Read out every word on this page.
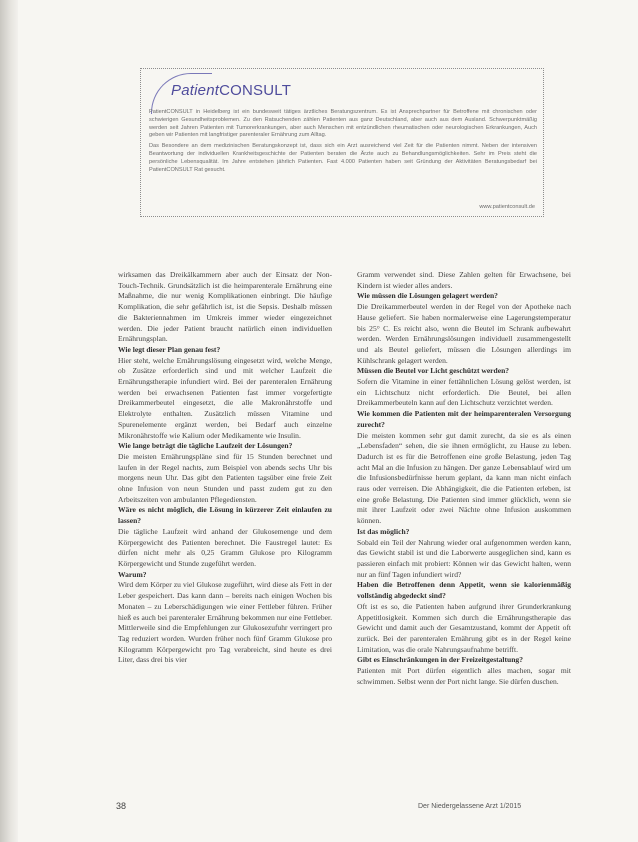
PatientCONSULT

PatientCONSULT in Heidelberg ist ein bundesweit tätiges ärztliches Beratungszentrum. Es ist Ansprechpartner für Betroffene mit chronischen oder schwierigen Gesundheitsproblemen. Zu den Ratsuchenden zählen Patienten aus ganz Deutschland, aber auch aus dem Ausland. Schwerpunktmäßig werden seit Jahren Patienten mit Tumorerkrankungen, aber auch Menschen mit entzündlichen rheumatischen oder neurologischen Erkrankungen, Auch geben wir Patienten mit langfristiger parenteraler Ernährung zum Alltag.

Das Besondere an dem medizinischen Beratungskonzept ist, dass sich ein Arzt ausreichend viel Zeit für die Patienten nimmt. Neben der intensiven Beantwortung der individuellen Krankheitsgeschichte der Patienten beraten die Ärzte auch zu Behandlungsmöglichkeiten. Sehr im Preis steht die persönliche Lebensqualität. Im Jahre entstehen jährlich Patienten. Fast 4.000 Patienten haben seit Gründung der Aktivitäten Beratungsbedarf bei PatientCONSULT Rat gesucht.

www.patientconsult.de

wirksamen das Dreikälkammern aber auch der Einsatz der Non-Touch-Technik. Grundsätzlich ist die heimparenterale Ernährung eine Maßnahme, die nur wenig Komplikationen einbringt. Die häufige Komplikation, die sehr gefährlich ist, ist die Sepsis. Deshalb müssen die Bakteriennahmen im Umkreis immer wieder eingezeichnet werden. Die jeder Patient braucht natürlich einen individuellen Ernährungsplan.

Wie legt dieser Plan genau fest?

Hier steht, welche Ernährungslösung eingesetzt wird, welche Menge, ob Zusätze erforderlich sind und mit welcher Laufzeit die Ernährungstherapie infundiert wird. Bei der parenteralen Ernährung werden bei erwachsenen Patienten fast immer vorgefertigte Dreikammerbeutel eingesetzt, die alle Makronährstoffe und Elektrolyte enthalten. Zusätzlich müssen Vitamine und Spurenelemente ergänzt werden, bei Bedarf auch einzelne Mikronährstoffe wie Kalium oder Medikamente wie Insulin.

Wie lange beträgt die tägliche Laufzeit der Lösungen?

Die meisten Ernährungspläne sind für 15 Stunden berechnet und laufen in der Regel nachts, zum Beispiel von abends sechs Uhr bis morgens neun Uhr. Das gibt den Patienten tagsüber eine freie Zeit ohne Infusion von neun Stunden und passt zudem gut zu den Arbeitszeiten von ambulanten Pflegediensten.

Wäre es nicht möglich, die Lösung in kürzerer Zeit einlaufen zu lassen?

Die tägliche Laufzeit wird anhand der Glukosemenge und dem Körpergewicht des Patienten berechnet. Die Faustregel lautet: Es dürfen nicht mehr als 0,25 Gramm Glukose pro Kilogramm Körpergewicht und Stunde zugeführt werden.

Warum?

Wird dem Körper zu viel Glukose zugeführt, wird diese als Fett in der Leber gespeichert. Das kann dann – bereits nach einigen Wochen bis Monaten – zu Leberschädigungen wie einer Fettleber führen. Früher hieß es auch bei parenteraler Ernährung bekommen nur eine Fettleber. Mittlerweile sind die Empfehlungen zur Glukosezufuhr verringert pro Tag reduziert worden. Wurden früher noch fünf Gramm Glukose pro Kilogramm Körpergewicht pro Tag verabreicht, sind heute es drei Liter, dass drei bis vier

Gramm verwendet sind. Diese Zahlen gelten für Erwachsene, bei Kindern ist wieder alles anders.

Wie müssen die Lösungen gelagert werden?

Die Dreikammerbeutel werden in der Regel von der Apotheke nach Hause geliefert. Sie haben normalerweise eine Lagerungstemperatur bis 25° C. Es reicht also, wenn die Beutel im Schrank aufbewahrt werden. Werden Ernährungslösungen individuell zusammengestellt und als Beutel geliefert, müssen die Lösungen allerdings im Kühlschrank gelagert werden.

Müssen die Beutel vor Licht geschützt werden?

Sofern die Vitamine in einer fettähnlichen Lösung gelöst werden, ist ein Lichtschutz nicht erforderlich. Die Beutel, bei allen Dreikammerbeuteln kann auf den Lichtschutz verzichtet werden.

Wie kommen die Patienten mit der heimparenteralen Versorgung zurecht?

Die meisten kommen sehr gut damit zurecht, da sie es als einen „Lebensfaden“ sehen, die sie ihnen ermöglicht, zu Hause zu leben. Dadurch ist es für die Betroffenen eine große Belastung, jeden Tag acht Mal an die Infusion zu hängen. Der ganze Lebensablauf wird um die Infusionsbedürfnisse herum geplant, da kann man nicht einfach raus oder verreisen. Die Abhängigkeit, die die Patienten erleben, ist eine große Belastung. Die Patienten sind immer glücklich, wenn sie mit ihrer Laufzeit oder zwei Nächte ohne Infusion auskommen können.

Ist das möglich?

Sobald ein Teil der Nahrung wieder oral aufgenommen werden kann, das Gewicht stabil ist und die Laborwerte ausgeglichen sind, kann es passieren einfach mit probiert: Können wir das Gewicht halten, wenn nur an fünf Tagen infundiert wird?

Haben die Betroffenen denn Appetit, wenn sie kalorienmäßig vollständig abgedeckt sind?

Oft ist es so, die Patienten haben aufgrund ihrer Grunderkrankung Appetitlosigkeit. Kommen sich durch die Ernährungstherapie das Gewicht und damit auch der Gesamtzustand, kommt der Appetit oft zurück. Bei der parenteralen Ernährung gibt es in der Regel keine Limitation, was die orale Nahrungsaufnahme betrifft.

Gibt es Einschränkungen in der Freizeitgestaltung?

Patienten mit Port dürfen eigentlich alles machen, sogar mit schwimmen. Selbst wenn der Port nicht lange. Sie dürfen duschen.

38	Der Niedergelassene Arzt 1/2015
